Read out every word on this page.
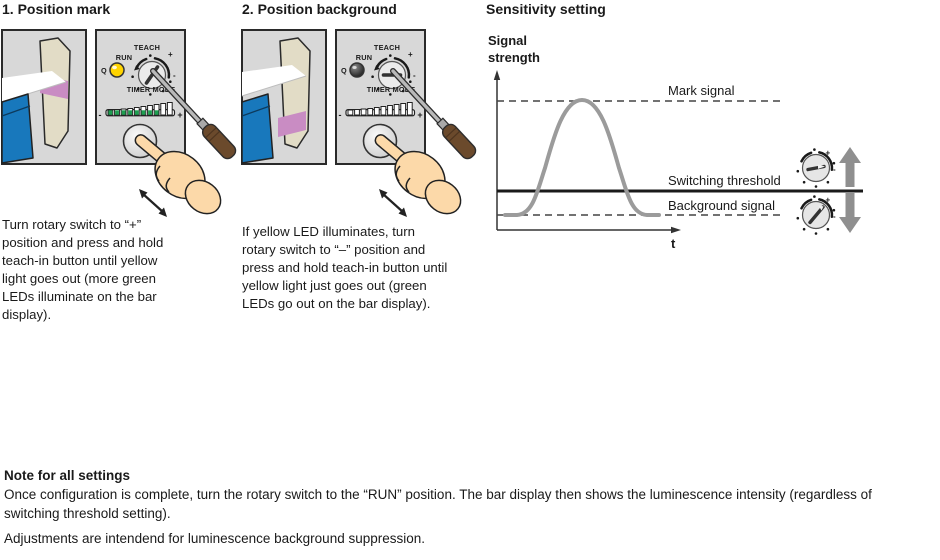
1. Position mark	2. Position background	Sensitivity setting
TEACH
RUN
Q
+
-
TIMER MODE
-	+
TEACH
RUN
Q
+
-
TIMER MODE
-	+
Signal
strength
Mark signal
Switching threshold
Background signal
t
+
-
+
-
Turn rotary switch to “+” position and press and hold teach-in button until yellow light goes out (more green LEDs illuminate on the bar display).
If yellow LED illuminates, turn rotary switch to “–” position and press and hold teach-in button until yellow light just goes out (green LEDs go out on the bar display).
Note for all settings
Once configuration is complete, turn the rotary switch to the “RUN” position. The bar display then shows the luminescence intensity (regardless of switching threshold setting).
Adjustments are intendend for luminescence background suppression.
